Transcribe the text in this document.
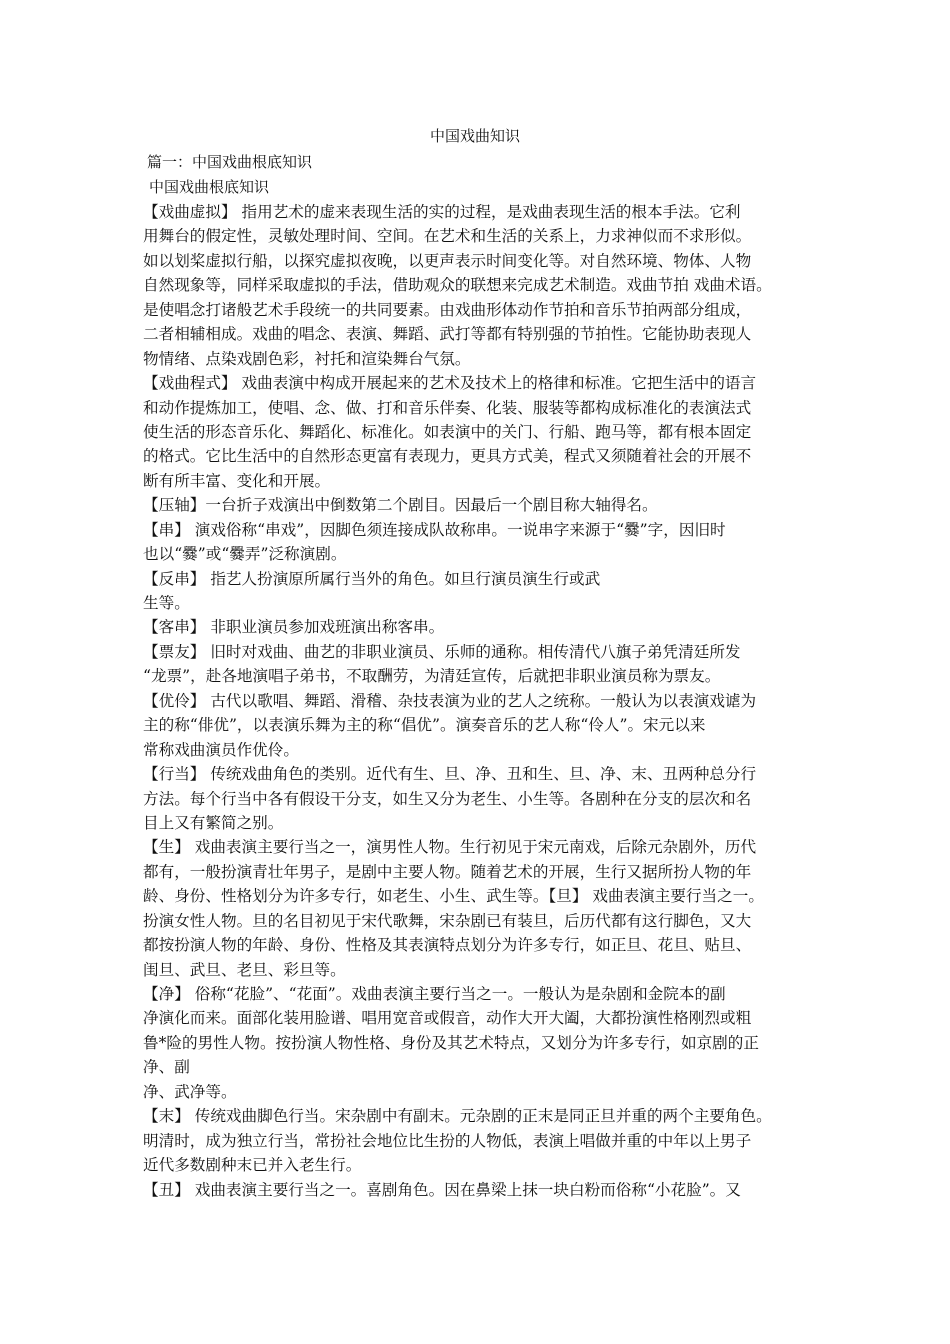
中国戏曲知识
篇一：中国戏曲根底知识
中国戏曲根底知识
【戏曲虚拟】 指用艺术的虚来表现生活的实的过程，是戏曲表现生活的根本手法。它利
用舞台的假定性，灵敏处理时间、空间。在艺术和生活的关系上，力求神似而不求形似。
如以划桨虚拟行船，以探究虚拟夜晚，以更声表示时间变化等。对自然环境、物体、人物
自然现象等，同样采取虚拟的手法，借助观众的联想来完成艺术制造。戏曲节拍 戏曲术语。
是使唱念打诸般艺术手段统一的共同要素。由戏曲形体动作节拍和音乐节拍两部分组成，
二者相辅相成。戏曲的唱念、表演、舞蹈、武打等都有特别强的节拍性。它能协助表现人
物情绪、点染戏剧色彩，衬托和渲染舞台气氛。
【戏曲程式】 戏曲表演中构成开展起来的艺术及技术上的格律和标准。它把生活中的语言
和动作提炼加工，使唱、念、做、打和音乐伴奏、化装、服装等都构成标准化的表演法式
使生活的形态音乐化、舞蹈化、标准化。如表演中的关门、行船、跑马等，都有根本固定
的格式。它比生活中的自然形态更富有表现力，更具方式美，程式又须随着社会的开展不
断有所丰富、变化和开展。
【压轴】一台折子戏演出中倒数第二个剧目。因最后一个剧目称大轴得名。
【串】 演戏俗称“串戏”，因脚色须连接成队故称串。一说串字来源于“爨”字，因旧时
也以“爨”或“爨弄”泛称演剧。
【反串】 指艺人扮演原所属行当外的角色。如旦行演员演生行或武
生等。
【客串】 非职业演员参加戏班演出称客串。
【票友】 旧时对戏曲、曲艺的非职业演员、乐师的通称。相传清代八旗子弟凭清廷所发
“龙票”，赴各地演唱子弟书，不取酬劳，为清廷宣传，后就把非职业演员称为票友。
【优伶】 古代以歌唱、舞蹈、滑稽、杂技表演为业的艺人之统称。一般认为以表演戏谑为
主的称“俳优”，以表演乐舞为主的称“倡优”。演奏音乐的艺人称“伶人”。宋元以来
常称戏曲演员作优伶。
【行当】 传统戏曲角色的类别。近代有生、旦、净、丑和生、旦、净、末、丑两种总分行
方法。每个行当中各有假设干分支，如生又分为老生、小生等。各剧种在分支的层次和名
目上又有繁简之别。
【生】 戏曲表演主要行当之一，演男性人物。生行初见于宋元南戏，后除元杂剧外，历代
都有，一般扮演青壮年男子，是剧中主要人物。随着艺术的开展，生行又据所扮人物的年
龄、身份、性格划分为许多专行，如老生、小生、武生等。【旦】 戏曲表演主要行当之一。
扮演女性人物。旦的名目初见于宋代歌舞，宋杂剧已有装旦，后历代都有这行脚色，又大
都按扮演人物的年龄、身份、性格及其表演特点划分为许多专行，如正旦、花旦、贴旦、
闺旦、武旦、老旦、彩旦等。
【净】 俗称“花脸”、“花面”。戏曲表演主要行当之一。一般认为是杂剧和金院本的副
净演化而来。面部化装用脸谱、唱用宽音或假音，动作大开大阖，大都扮演性格刚烈或粗
鲁*险的男性人物。按扮演人物性格、身份及其艺术特点，又划分为许多专行，如京剧的正
净、副
净、武净等。
【末】 传统戏曲脚色行当。宋杂剧中有副末。元杂剧的正末是同正旦并重的两个主要角色。
明清时，成为独立行当，常扮社会地位比生扮的人物低，表演上唱做并重的中年以上男子
近代多数剧种末已并入老生行。
【丑】 戏曲表演主要行当之一。喜剧角色。因在鼻梁上抹一块白粉而俗称“小花脸”。又
